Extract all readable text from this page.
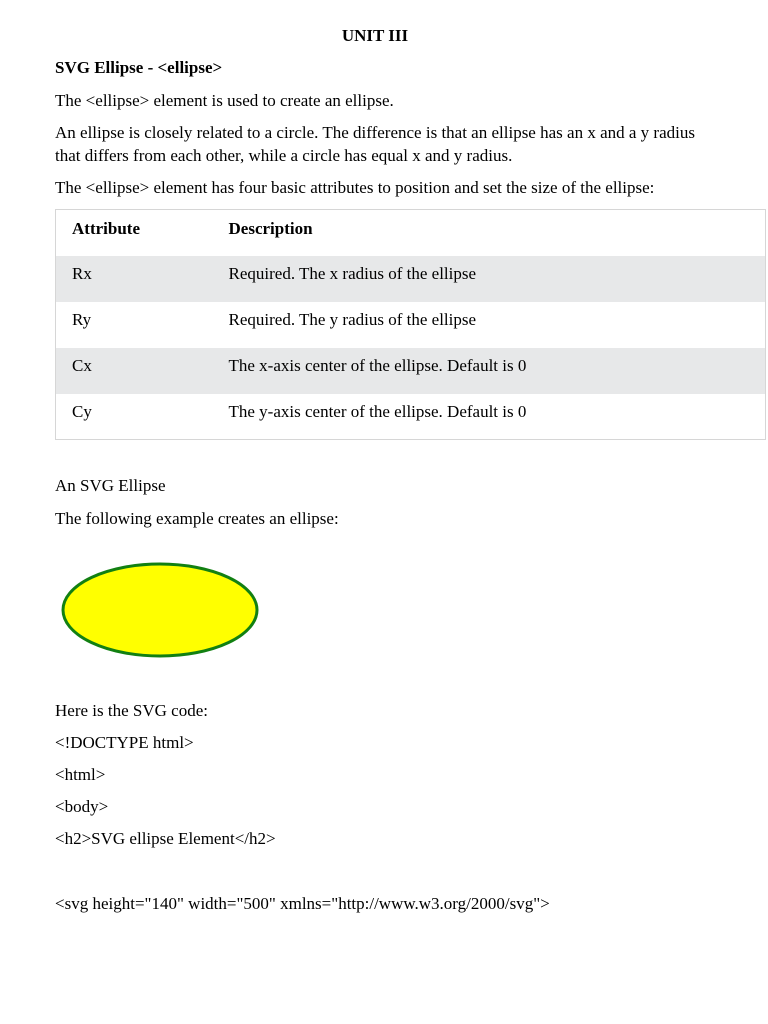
UNIT III
SVG Ellipse - <ellipse>
The <ellipse> element is used to create an ellipse.
An ellipse is closely related to a circle. The difference is that an ellipse has an x and a y radius that differs from each other, while a circle has equal x and y radius.
The <ellipse> element has four basic attributes to position and set the size of the ellipse:
Attribute	Description
Rx	Required. The x radius of the ellipse
Ry	Required. The y radius of the ellipse
Cx	The x-axis center of the ellipse. Default is 0
Cy	The y-axis center of the ellipse. Default is 0
An SVG Ellipse
The following example creates an ellipse:
Here is the SVG code:
<!DOCTYPE html>
<html>
<body>
<h2>SVG ellipse Element</h2>
<svg height="140" width="500" xmlns="http://www.w3.org/2000/svg">
